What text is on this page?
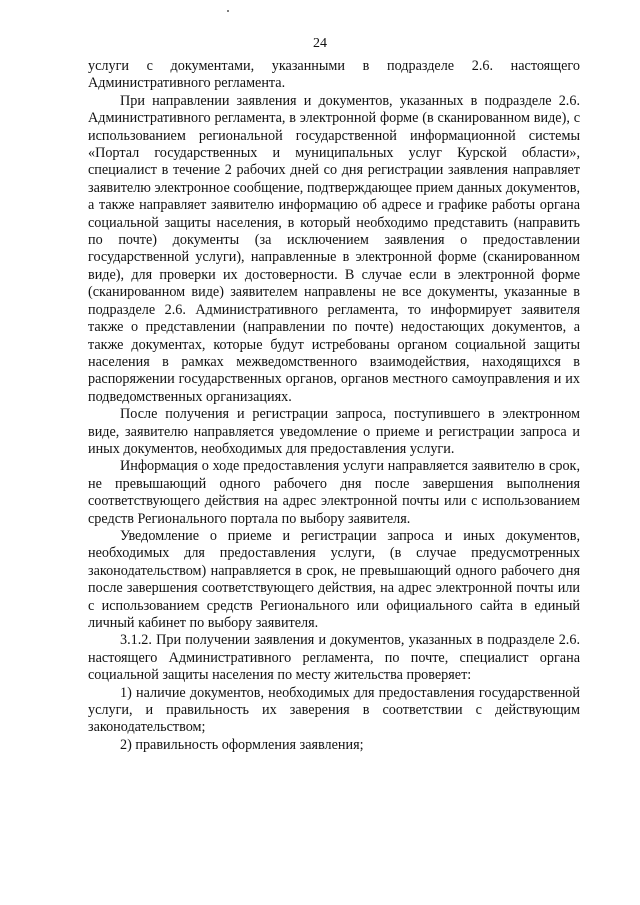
24

услуги с документами, указанными в подразделе 2.6. настоящего Административного регламента.

При направлении заявления и документов, указанных в подразделе 2.6. Административного регламента, в электронной форме (в сканированном виде), с использованием региональной государственной информационной системы «Портал государственных и муниципальных услуг Курской области», специалист в течение 2 рабочих дней со дня регистрации заявления направляет заявителю электронное сообщение, подтверждающее прием данных документов, а также направляет заявителю информацию об адресе и графике работы органа социальной защиты населения, в который необходимо представить (направить по почте) документы (за исключением заявления о предоставлении государственной услуги), направленные в электронной форме (сканированном виде), для проверки их достоверности. В случае если в электронной форме (сканированном виде) заявителем направлены не все документы, указанные в подразделе 2.6. Административного регламента, то информирует заявителя также о представлении (направлении по почте) недостающих документов, а также документах, которые будут истребованы органом социальной защиты населения в рамках межведомственного взаимодействия, находящихся в распоряжении государственных органов, органов местного самоуправления и их подведомственных организациях.

После получения и регистрации запроса, поступившего в электронном виде, заявителю направляется уведомление о приеме и регистрации запроса и иных документов, необходимых для предоставления услуги.

Информация о ходе предоставления услуги направляется заявителю в срок, не превышающий одного рабочего дня после завершения выполнения соответствующего действия на адрес электронной почты или с использованием средств Регионального портала по выбору заявителя.

Уведомление о приеме и регистрации запроса и иных документов, необходимых для предоставления услуги, (в случае предусмотренных законодательством) направляется в срок, не превышающий одного рабочего дня после завершения соответствующего действия, на адрес электронной почты или с использованием средств Регионального или официального сайта в единый личный кабинет по выбору заявителя.

3.1.2. При получении заявления и документов, указанных в подразделе 2.6. настоящего Административного регламента, по почте, специалист органа социальной защиты населения по месту жительства проверяет:

1) наличие документов, необходимых для предоставления государственной услуги, и правильность их заверения в соответствии с действующим законодательством;

2) правильность оформления заявления;
